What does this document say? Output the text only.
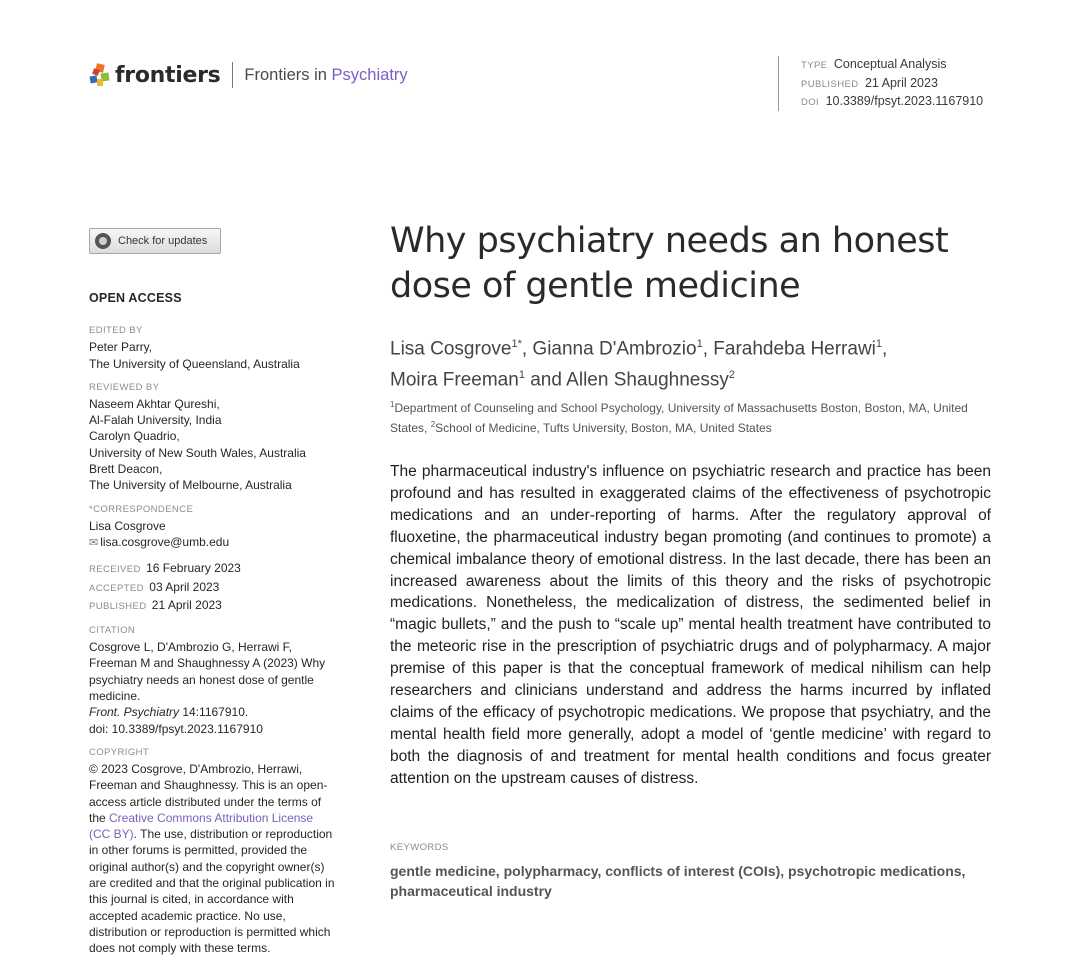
frontiers Frontiers in Psychiatry	TYPE Conceptual Analysis
PUBLISHED 21 April 2023
DOI 10.3389/fpsyt.2023.1167910
Check for updates
OPEN ACCESS
EDITED BY
Peter Parry,
The University of Queensland, Australia
REVIEWED BY
Naseem Akhtar Qureshi,
Al-Falah University, India
Carolyn Quadrio,
University of New South Wales, Australia
Brett Deacon,
The University of Melbourne, Australia
*CORRESPONDENCE
Lisa Cosgrove
✉ lisa.cosgrove@umb.edu
RECEIVED 16 February 2023
ACCEPTED 03 April 2023
PUBLISHED 21 April 2023
CITATION
Cosgrove L, D'Ambrozio G, Herrawi F,
Freeman M and Shaughnessy A (2023) Why
psychiatry needs an honest dose of gentle
medicine.
Front. Psychiatry 14:1167910.
doi: 10.3389/fpsyt.2023.1167910
COPYRIGHT
© 2023 Cosgrove, D'Ambrozio, Herrawi,
Freeman and Shaughnessy. This is an open-
access article distributed under the terms of
the Creative Commons Attribution License
(CC BY). The use, distribution or reproduction
in other forums is permitted, provided the
original author(s) and the copyright owner(s)
are credited and that the original publication in
this journal is cited, in accordance with
accepted academic practice. No use,
distribution or reproduction is permitted which
does not comply with these terms.
Why psychiatry needs an honest dose of gentle medicine
Lisa Cosgrove$^{1*}$, Gianna D'Ambrozio$^1$, Farahdeba Herrawi$^1$,
Moira Freeman$^1$ and Allen Shaughnessy$^2$
$^1$Department of Counseling and School Psychology, University of Massachusetts Boston, Boston, MA, United States, $^2$School of Medicine, Tufts University, Boston, MA, United States
The pharmaceutical industry's influence on psychiatric research and practice has been profound and has resulted in exaggerated claims of the effectiveness of psychotropic medications and an under-reporting of harms. After the regulatory approval of fluoxetine, the pharmaceutical industry began promoting (and continues to promote) a chemical imbalance theory of emotional distress. In the last decade, there has been an increased awareness about the limits of this theory and the risks of psychotropic medications. Nonetheless, the medicalization of distress, the sedimented belief in “magic bullets,” and the push to “scale up” mental health treatment have contributed to the meteoric rise in the prescription of psychiatric drugs and of polypharmacy. A major premise of this paper is that the conceptual framework of medical nihilism can help researchers and clinicians understand and address the harms incurred by inflated claims of the efficacy of psychotropic medications. We propose that psychiatry, and the mental health field more generally, adopt a model of ‘gentle medicine’ with regard to both the diagnosis of and treatment for mental health conditions and focus greater attention on the upstream causes of distress.
KEYWORDS
gentle medicine, polypharmacy, conflicts of interest (COIs), psychotropic medications, pharmaceutical industry
